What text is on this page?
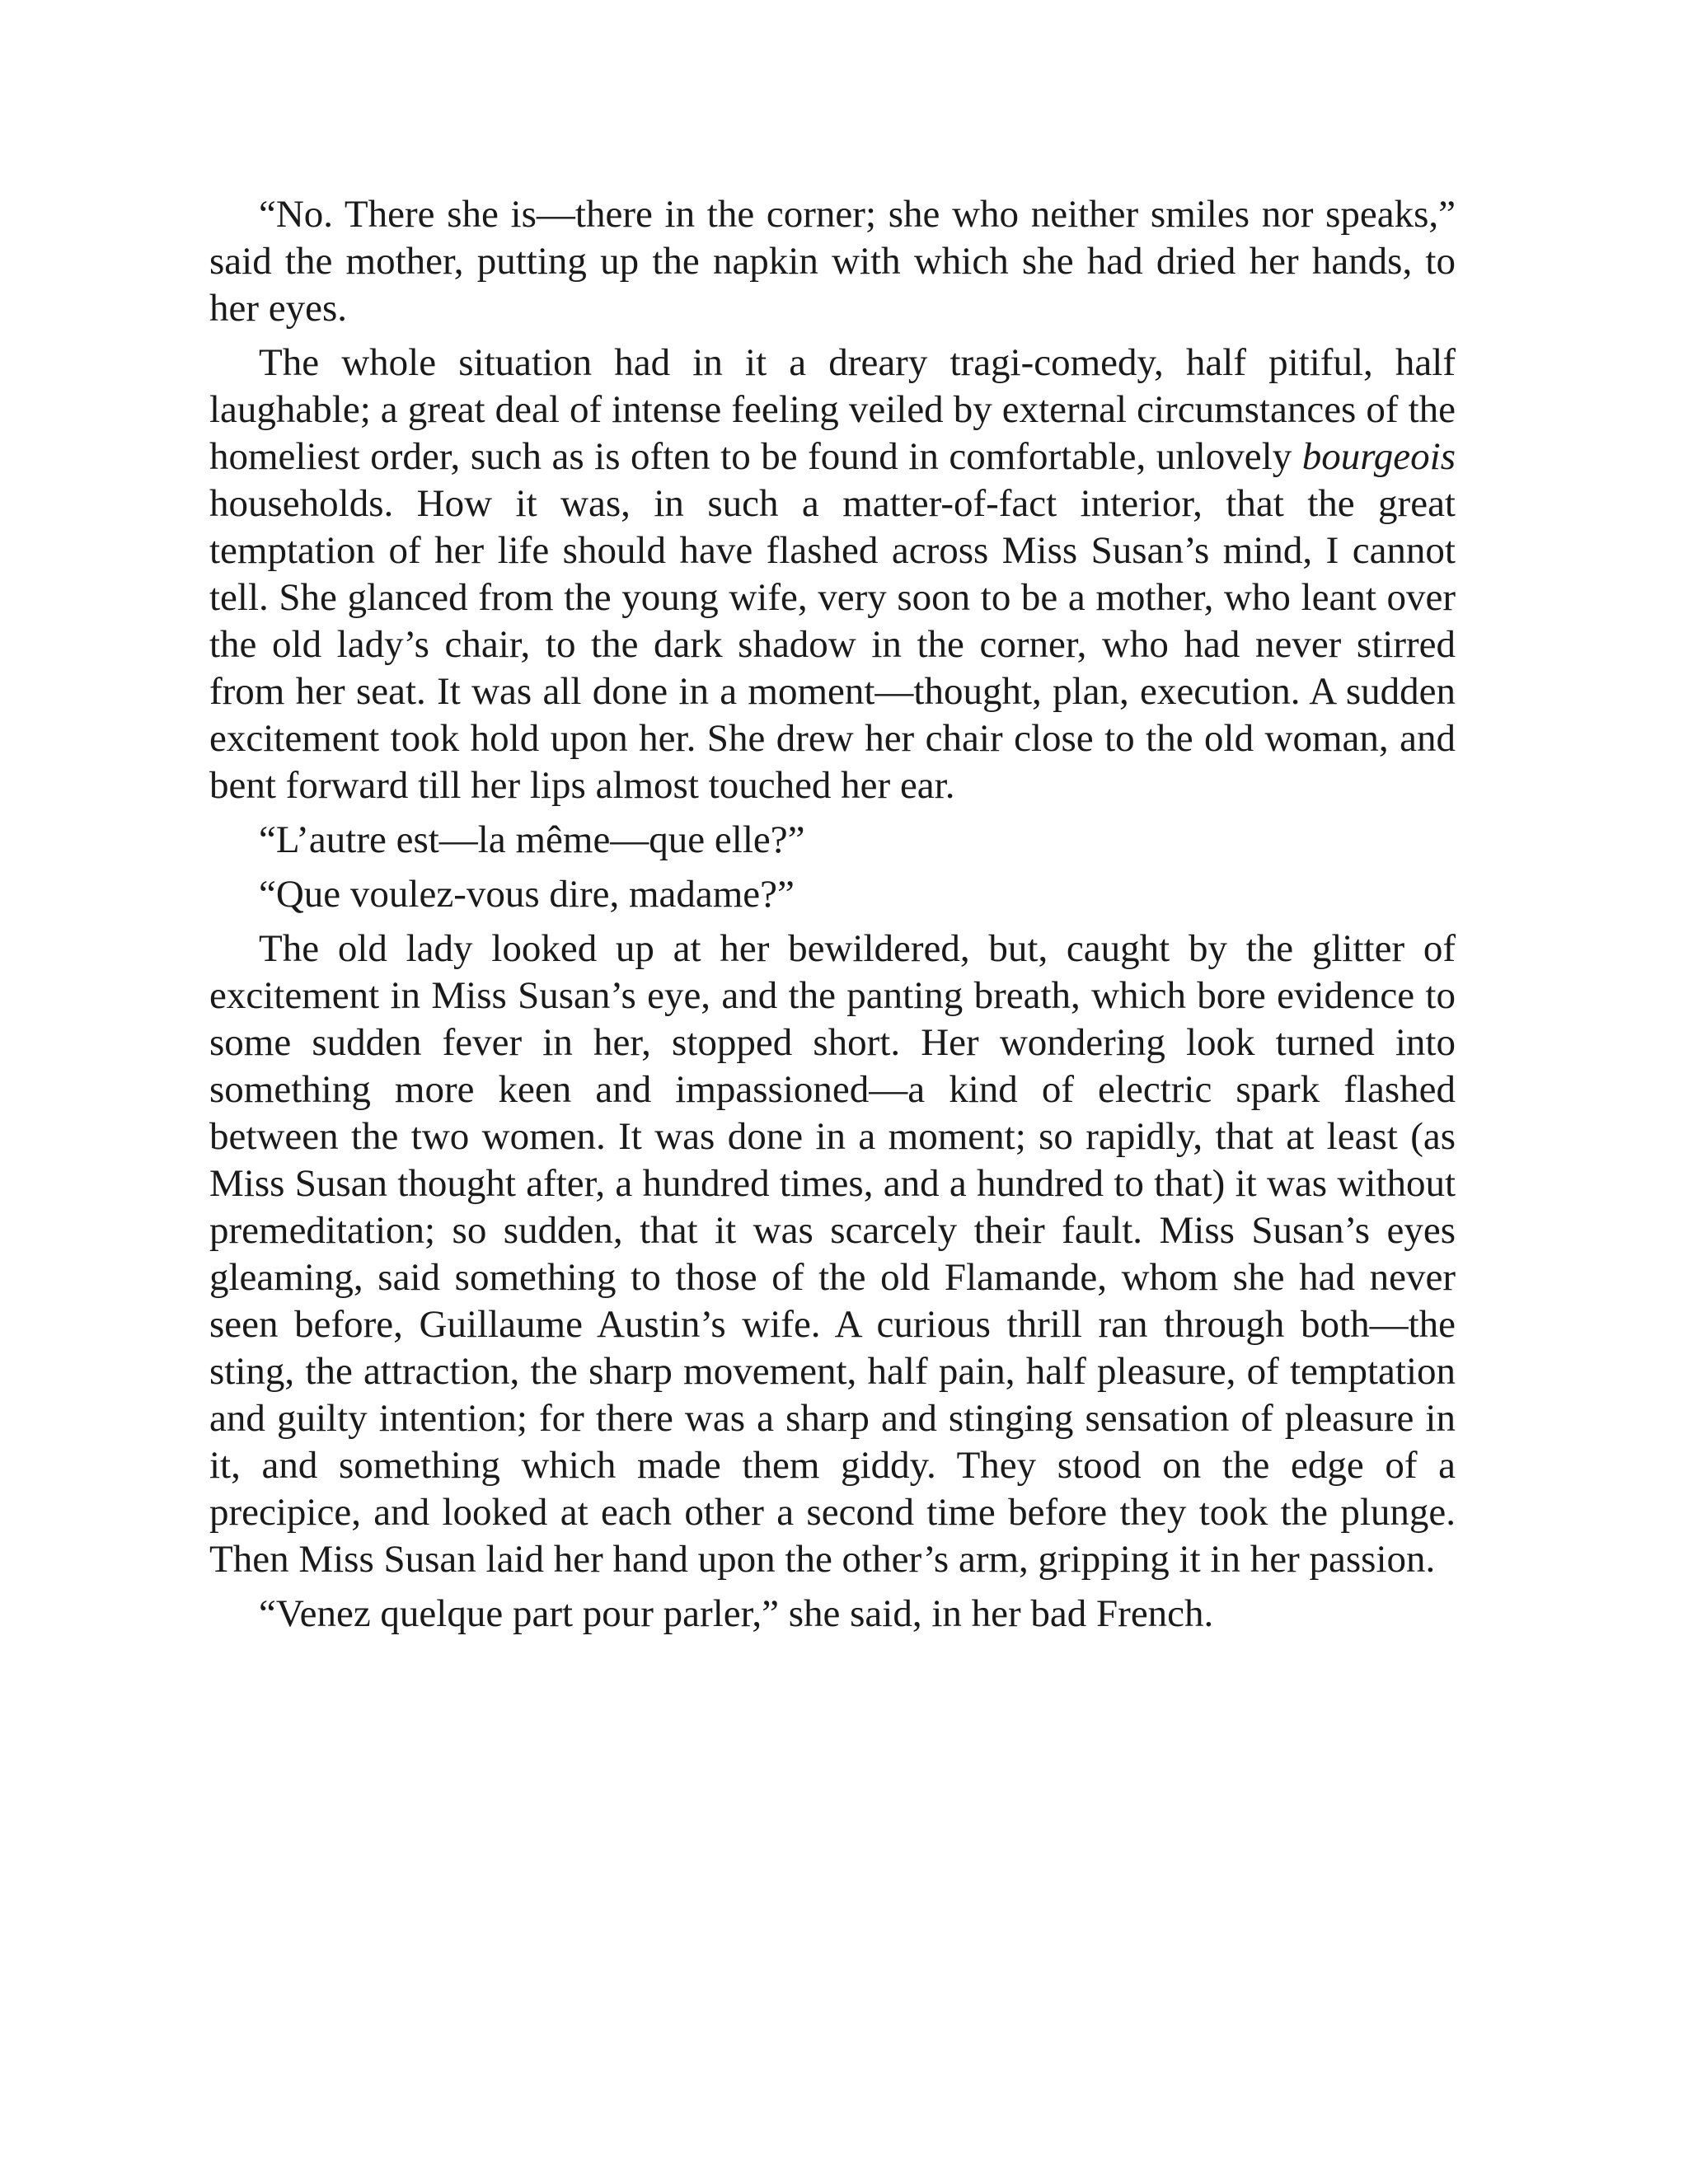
“No. There she is—there in the corner; she who neither smiles nor speaks,” said the mother, putting up the napkin with which she had dried her hands, to her eyes.

The whole situation had in it a dreary tragi-comedy, half pitiful, half laughable; a great deal of intense feeling veiled by external circumstances of the homeliest order, such as is often to be found in comfortable, unlovely bourgeois households. How it was, in such a matter-of-fact interior, that the great temptation of her life should have flashed across Miss Susan’s mind, I cannot tell. She glanced from the young wife, very soon to be a mother, who leant over the old lady’s chair, to the dark shadow in the corner, who had never stirred from her seat. It was all done in a moment—thought, plan, execution. A sudden excitement took hold upon her. She drew her chair close to the old woman, and bent forward till her lips almost touched her ear.

“L’autre est—la même—que elle?”

“Que voulez-vous dire, madame?”

The old lady looked up at her bewildered, but, caught by the glitter of excitement in Miss Susan’s eye, and the panting breath, which bore evidence to some sudden fever in her, stopped short. Her wondering look turned into something more keen and impassioned—a kind of electric spark flashed between the two women. It was done in a moment; so rapidly, that at least (as Miss Susan thought after, a hundred times, and a hundred to that) it was without premeditation; so sudden, that it was scarcely their fault. Miss Susan’s eyes gleaming, said something to those of the old Flamande, whom she had never seen before, Guillaume Austin’s wife. A curious thrill ran through both—the sting, the attraction, the sharp movement, half pain, half pleasure, of temptation and guilty intention; for there was a sharp and stinging sensation of pleasure in it, and something which made them giddy. They stood on the edge of a precipice, and looked at each other a second time before they took the plunge. Then Miss Susan laid her hand upon the other’s arm, gripping it in her passion.

“Venez quelque part pour parler,” she said, in her bad French.
